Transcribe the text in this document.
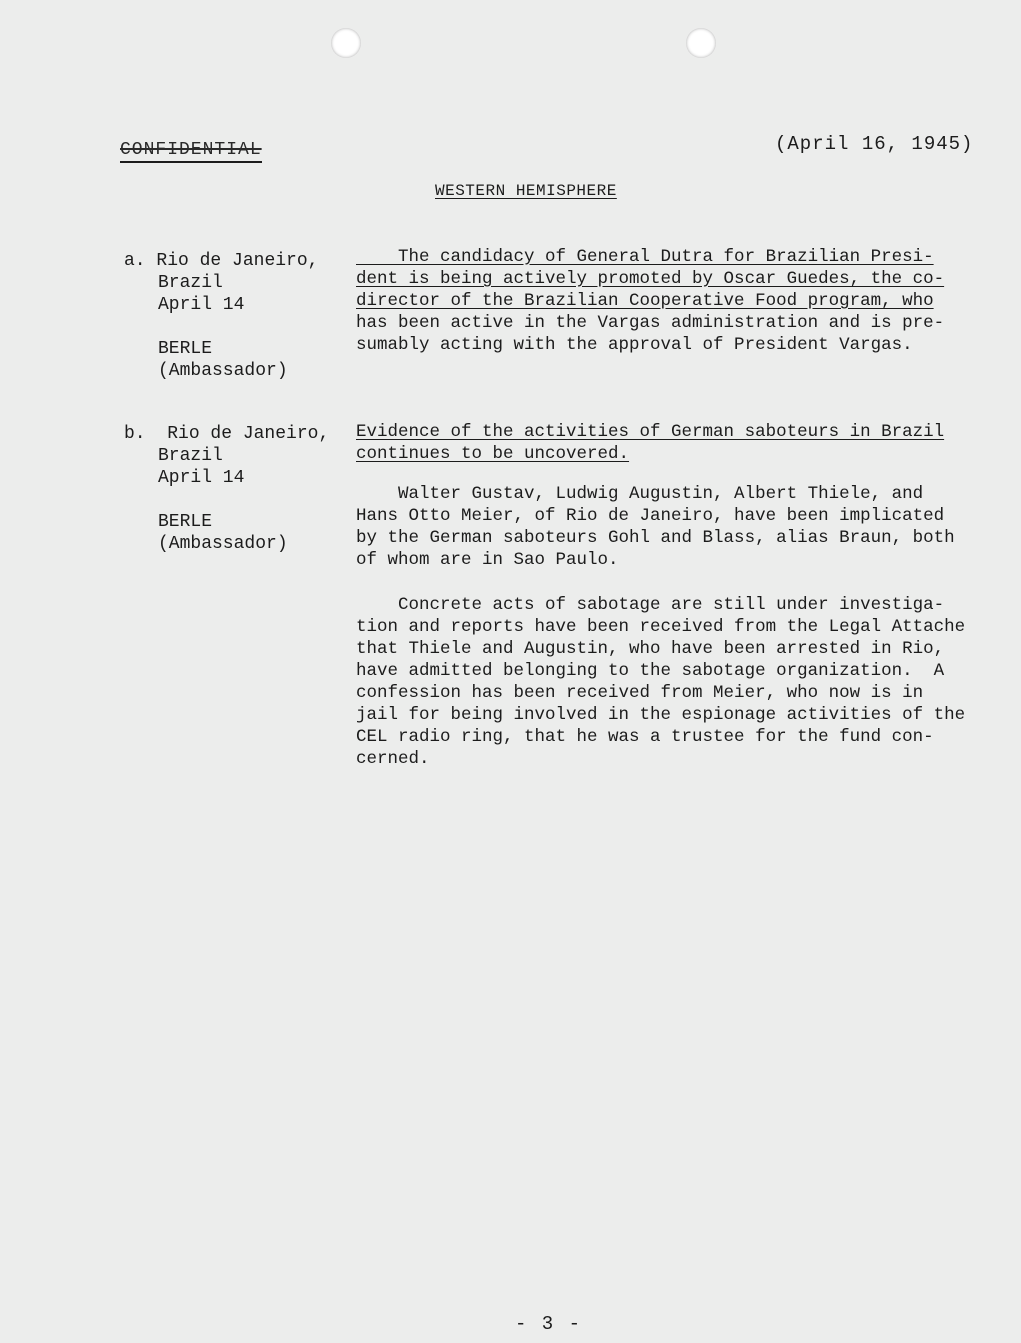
CONFIDENTIAL	(April 16, 1945)
WESTERN HEMISPHERE
a. Rio de Janeiro,
Brazil
April 14
BERLE
(Ambassador)
The candidacy of General Dutra for Brazilian Presi-
dent is being actively promoted by Oscar Guedes, the co-
director of the Brazilian Cooperative Food program, who
has been active in the Vargas administration and is pre-
sumably acting with the approval of President Vargas.
b. Rio de Janeiro,
Brazil
April 14
BERLE
(Ambassador)
Evidence of the activities of German saboteurs in Brazil
continues to be uncovered.
Walter Gustav, Ludwig Augustin, Albert Thiele, and
Hans Otto Meier, of Rio de Janeiro, have been implicated
by the German saboteurs Gohl and Blass, alias Braun, both
of whom are in Sao Paulo.
Concrete acts of sabotage are still under investiga-
tion and reports have been received from the Legal Attache
that Thiele and Augustin, who have been arrested in Rio,
have admitted belonging to the sabotage organization.  A
confession has been received from Meier, who now is in
jail for being involved in the espionage activities of the
CEL radio ring, that he was a trustee for the fund con-
cerned.
- 3 -
